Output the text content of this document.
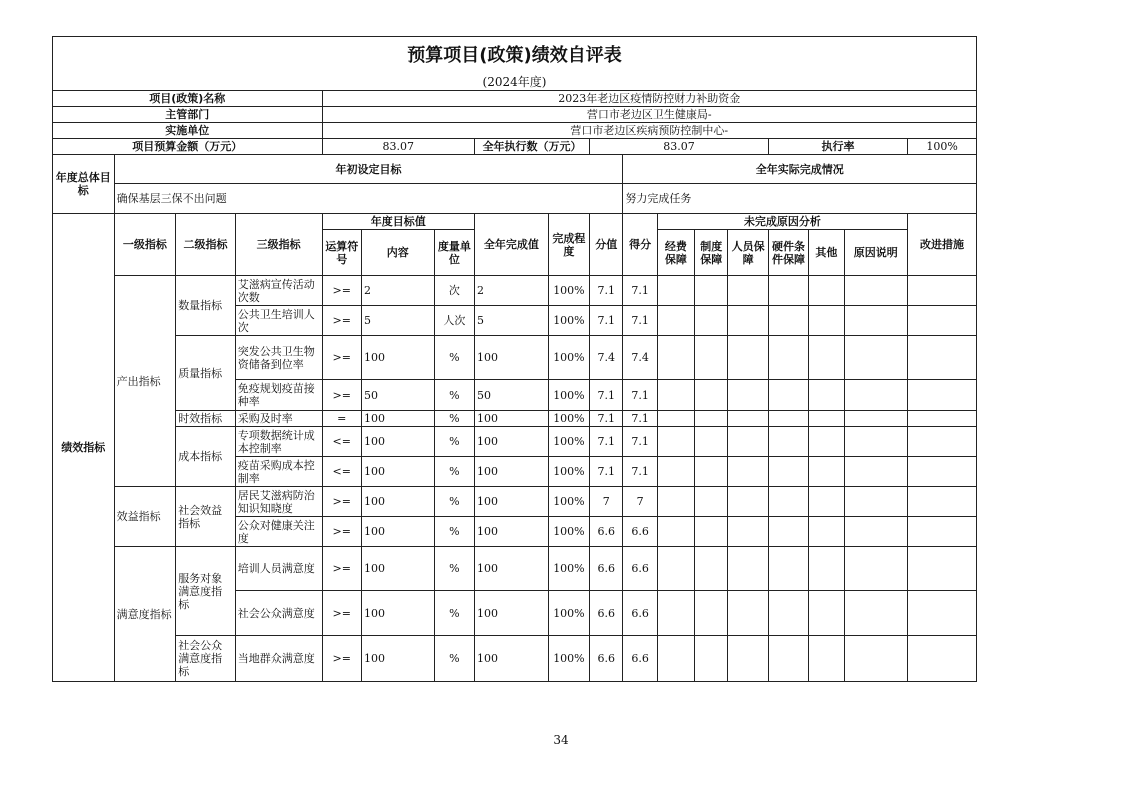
预算项目(政策)绩效自评表																	
(2024年度)																	
项目(政策)名称				2023年老边区疫情防控财力补助资金													
主管部门				营口市老边区卫生健康局-													
实施单位				营口市老边区疾病预防控制中心-													
项目预算金额（万元）				83.07			全年执行数（万元）		83.07					执行率			100%
年度总体目标	年初设定目标									全年实际完成情况							
	确保基层三保不出问题									努力完成任务							
绩效指标	一级指标	二级指标	三级指标	年度目标值			全年完成值	完成程度	分值	得分	未完成原因分析						改进措施
				运算符号	内容	度量单位					经费保障	制度保障	人员保障	硬件条件保障	其他	原因说明	
	产出指标	数量指标	艾滋病宣传活动次数	>=	2	次	2	100%	7.1	7.1							
			公共卫生培训人次	>=	5	人次	5	100%	7.1	7.1							
		质量指标	突发公共卫生物资储备到位率	>=	100	%	100	100%	7.4	7.4							
			免疫规划疫苗接种率	>=	50	%	50	100%	7.1	7.1							
		时效指标	采购及时率	=	100	%	100	100%	7.1	7.1							
		成本指标	专项数据统计成本控制率	<=	100	%	100	100%	7.1	7.1							
			疫苗采购成本控制率	<=	100	%	100	100%	7.1	7.1							
	效益指标	社会效益指标	居民艾滋病防治知识知晓度	>=	100	%	100	100%	7	7							
			公众对健康关注度	>=	100	%	100	100%	6.6	6.6							
	满意度指标	服务对象满意度指标	培训人员满意度	>=	100	%	100	100%	6.6	6.6							
			社会公众满意度	>=	100	%	100	100%	6.6	6.6							
		社会公众满意度指标	当地群众满意度	>=	100	%	100	100%	6.6	6.6							
34
